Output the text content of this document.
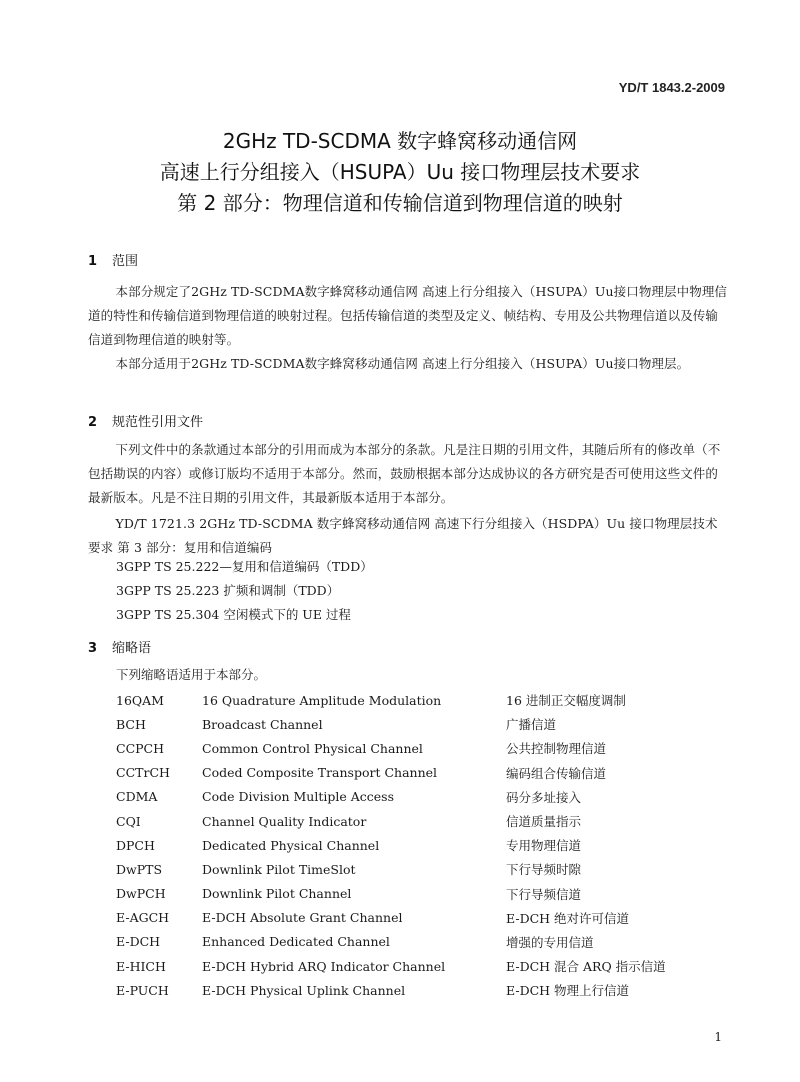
YD/T 1843.2-2009
2GHz TD-SCDMA 数字蜂窝移动通信网
高速上行分组接入（HSUPA）Uu 接口物理层技术要求
第 2 部分：物理信道和传输信道到物理信道的映射
1 范围

本部分规定了2GHz TD-SCDMA数字蜂窝移动通信网 高速上行分组接入（HSUPA）Uu接口物理层中物理信道的特性和传输信道到物理信道的映射过程。包括传输信道的类型及定义、帧结构、专用及公共物理信道以及传输信道到物理信道的映射等。

本部分适用于2GHz TD-SCDMA数字蜂窝移动通信网 高速上行分组接入（HSUPA）Uu接口物理层。

2 规范性引用文件

下列文件中的条款通过本部分的引用而成为本部分的条款。凡是注日期的引用文件，其随后所有的修改单（不包括勘误的内容）或修订版均不适用于本部分。然而，鼓励根据本部分达成协议的各方研究是否可使用这些文件的最新版本。凡是不注日期的引用文件，其最新版本适用于本部分。

YD/T 1721.3 2GHz TD-SCDMA 数字蜂窝移动通信网 高速下行分组接入（HSDPA）Uu 接口物理层技术要求 第 3 部分：复用和信道编码

3GPP TS 25.222—复用和信道编码（TDD）
3GPP TS 25.223 扩频和调制（TDD）
3GPP TS 25.304 空闲模式下的 UE 过程
3 缩略语
下列缩略语适用于本部分。
16QAM	16 Quadrature Amplitude Modulation	16 进制正交幅度调制
BCH	Broadcast Channel	广播信道
CCPCH	Common Control Physical Channel	公共控制物理信道
CCTrCH	Coded Composite Transport Channel	编码组合传输信道
CDMA	Code Division Multiple Access	码分多址接入
CQI	Channel Quality Indicator	信道质量指示
DPCH	Dedicated Physical Channel	专用物理信道
DwPTS	Downlink Pilot TimeSlot	下行导频时隙
DwPCH	Downlink Pilot Channel	下行导频信道
E-AGCH	E-DCH Absolute Grant Channel	E-DCH 绝对许可信道
E-DCH	Enhanced Dedicated Channel	增强的专用信道
E-HICH	E-DCH Hybrid ARQ Indicator Channel	E-DCH 混合 ARQ 指示信道
E-PUCH	E-DCH Physical Uplink Channel	E-DCH 物理上行信道
1
